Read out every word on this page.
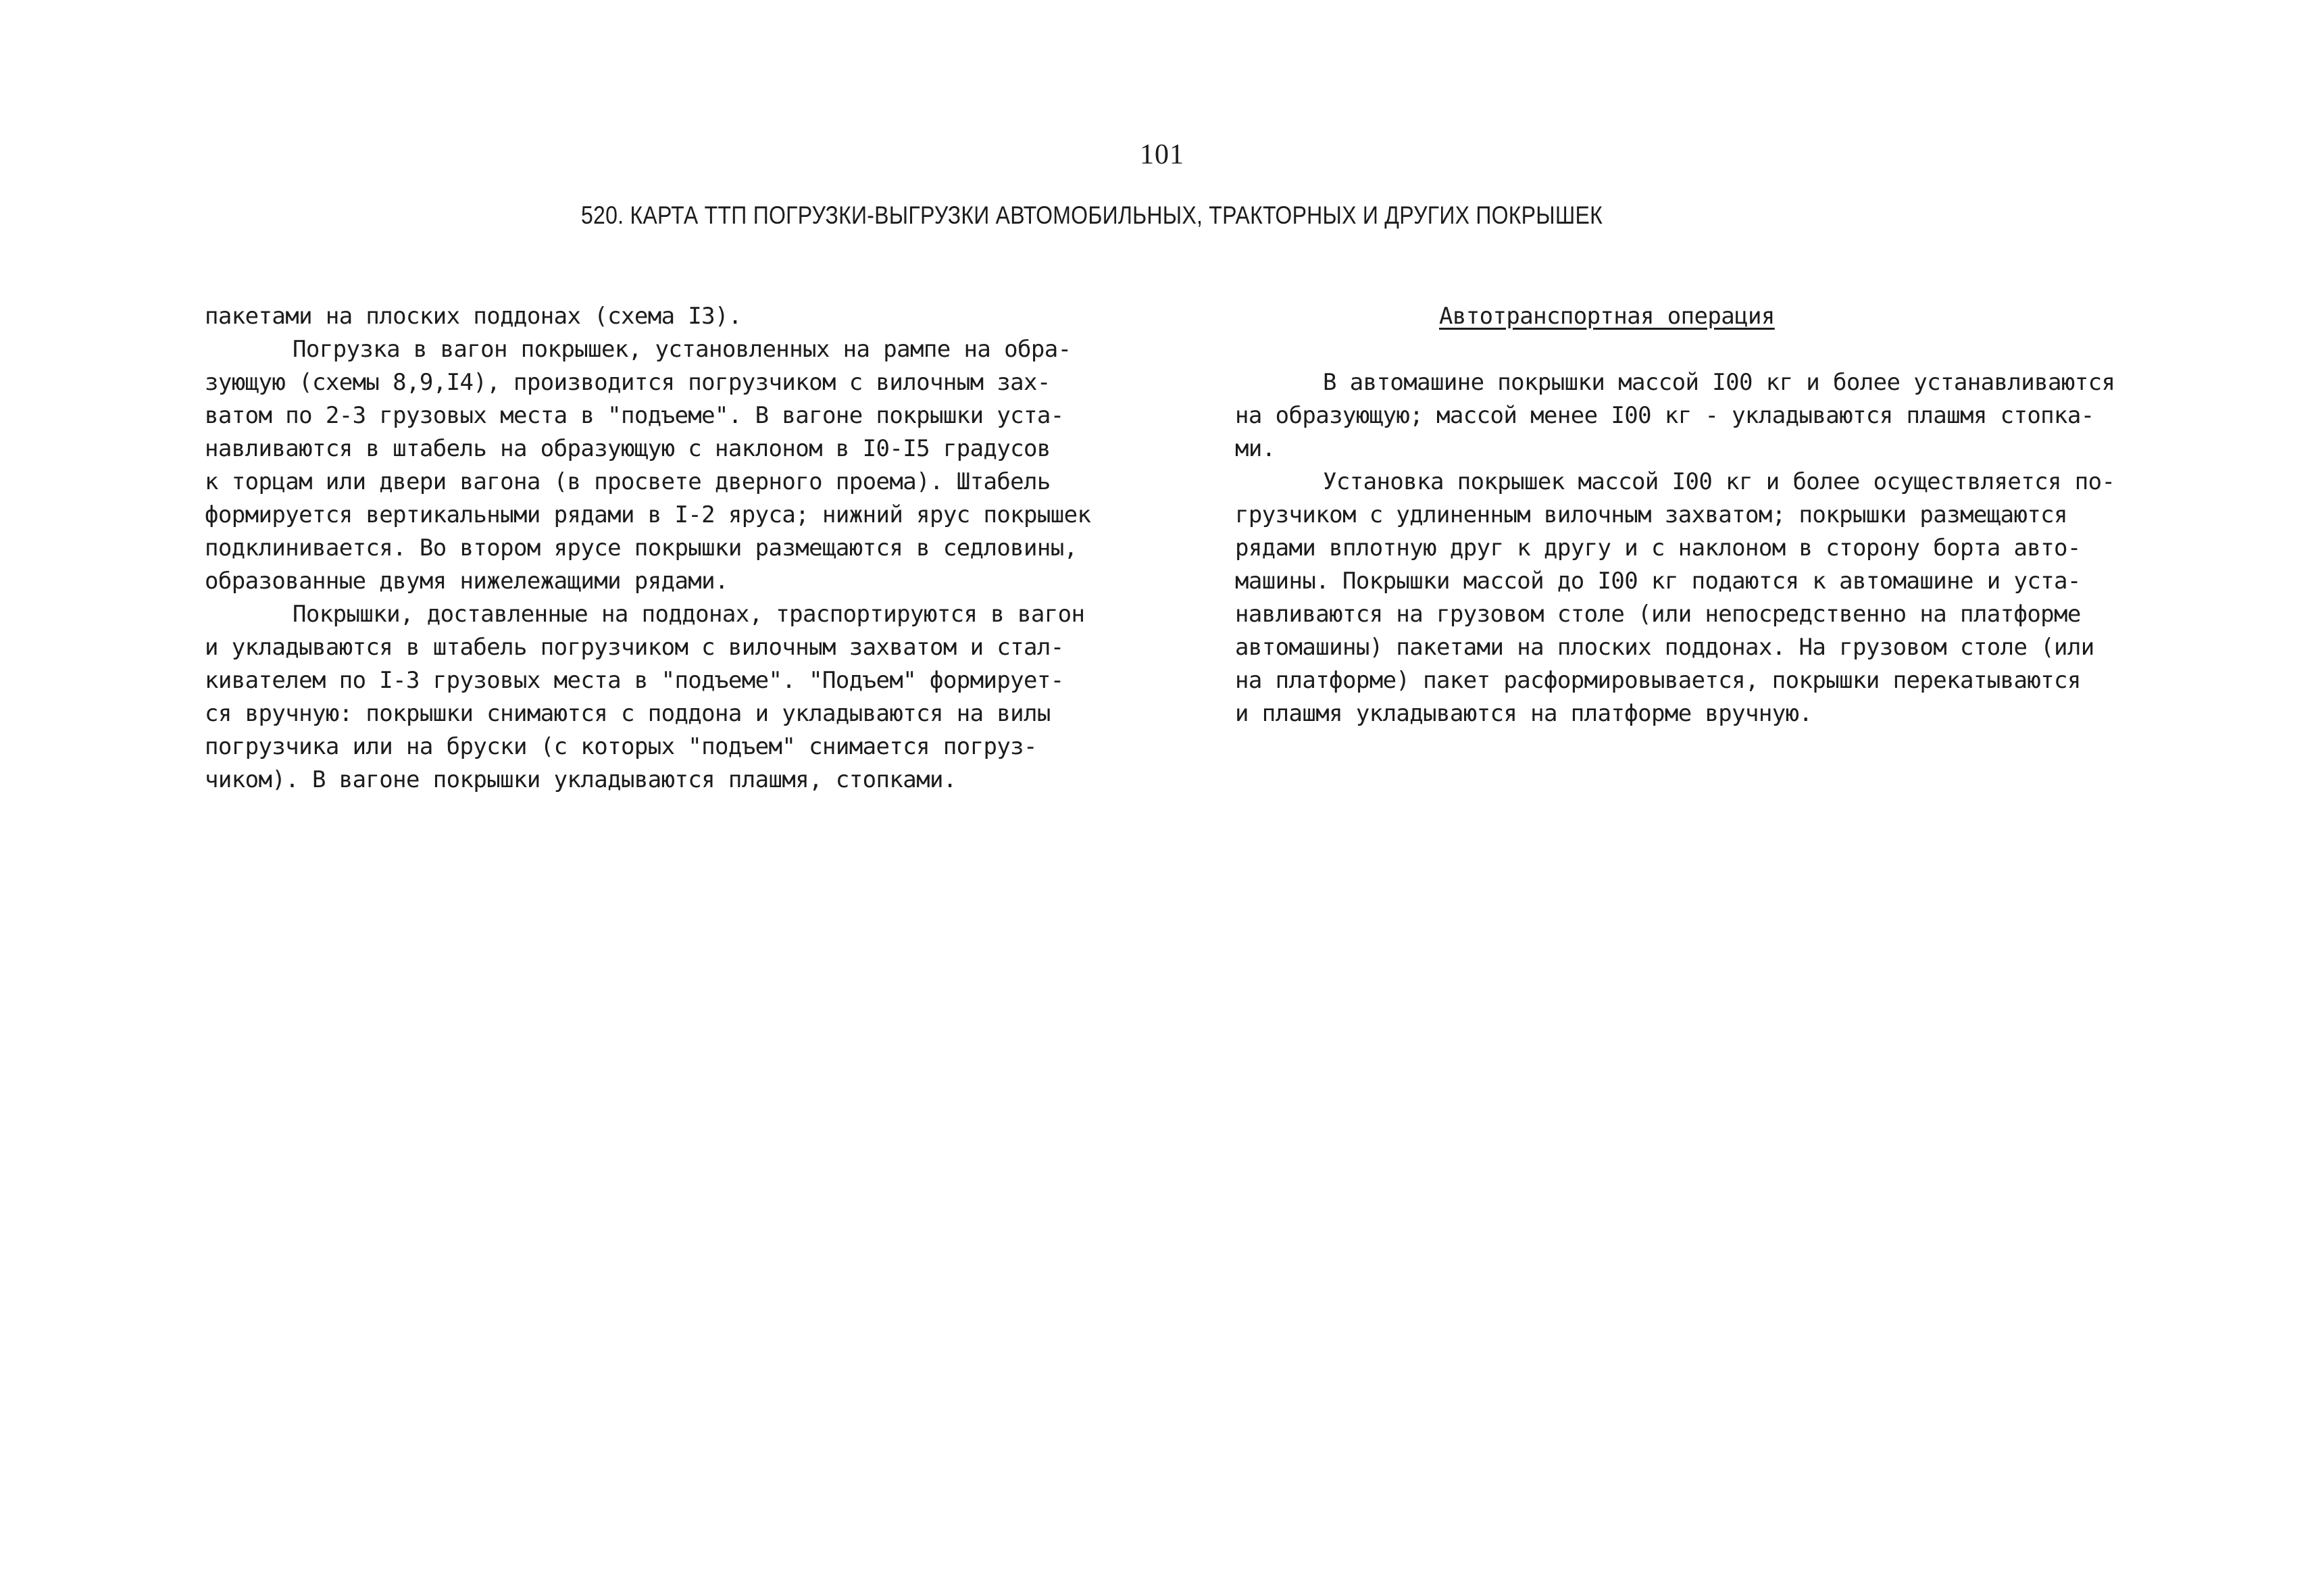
101
520. КАРТА ТТП ПОГРУЗКИ-ВЫГРУЗКИ АВТОМОБИЛЬНЫХ, ТРАКТОРНЫХ И ДРУГИХ ПОКРЫШЕК
пакетами на плоских поддонах (схема I3).
Погрузка в вагон покрышек, установленных на рампе на обра-
зующую (схемы 8,9,I4), производится погрузчиком с вилочным зах-
ватом по 2-3 грузовых места в "подъеме". В вагоне покрышки уста-
навливаются в штабель на образующую с наклоном в I0-I5 градусов
к торцам или двери вагона (в просвете дверного проема). Штабель
формируется вертикальными рядами в I-2 яруса; нижний ярус покрышек
подклинивается. Во втором ярусе покрышки размещаются в седловины,
образованные двумя нижележащими рядами.
Покрышки, доставленные на поддонах, траспортируются в вагон
и укладываются в штабель погрузчиком с вилочным захватом и стал-
кивателем по I-3 грузовых места в "подъеме". "Подъем" формирует-
ся вручную: покрышки снимаются с поддона и укладываются на вилы
погрузчика или на бруски (с которых "подъем" снимается погруз-
чиком). В вагоне покрышки укладываются плашмя, стопками.
Автотранспортная операция
В автомашине покрышки массой I00 кг и более устанавливаются
на образующую; массой менее I00 кг - укладываются плашмя стопка-
ми.
Установка покрышек массой I00 кг и более осуществляется по-
грузчиком с удлиненным вилочным захватом; покрышки размещаются
рядами вплотную друг к другу и с наклоном в сторону борта авто-
машины. Покрышки массой до I00 кг подаются к автомашине и уста-
навливаются на грузовом столе (или непосредственно на платформе
автомашины) пакетами на плоских поддонах. На грузовом столе (или
на платформе) пакет расформировывается, покрышки перекатываются
и плашмя укладываются на платформе вручную.
